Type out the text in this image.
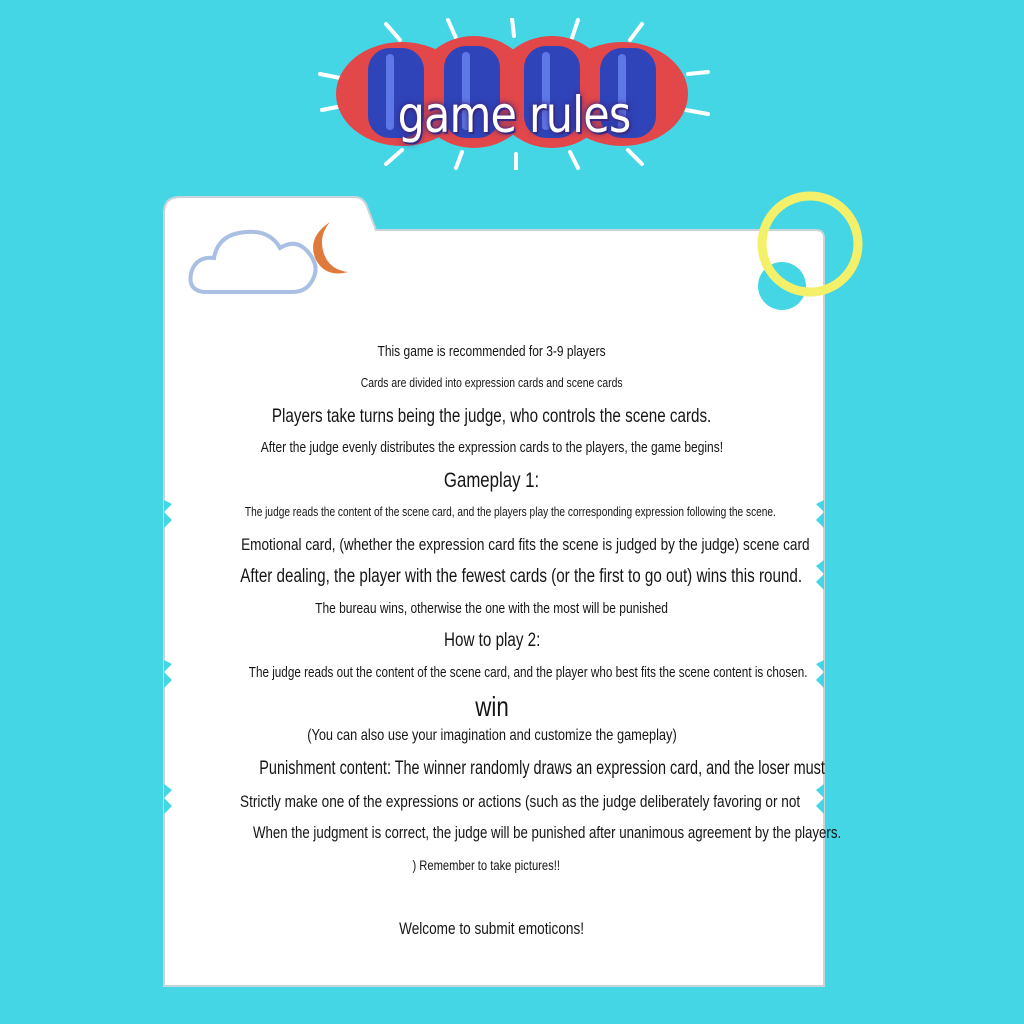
game rules
This game is recommended for 3-9 players
Cards are divided into expression cards and scene cards
Players take turns being the judge, who controls the scene cards.
After the judge evenly distributes the expression cards to the players, the game begins!
Gameplay 1:
The judge reads the content of the scene card, and the players play the corresponding expression following the scene.
Emotional card, (whether the expression card fits the scene is judged by the judge) scene card
After dealing, the player with the fewest cards (or the first to go out) wins this round.
The bureau wins, otherwise the one with the most will be punished
How to play 2:
The judge reads out the content of the scene card, and the player who best fits the scene content is chosen.
win
(You can also use your imagination and customize the gameplay)
Punishment content: The winner randomly draws an expression card, and the loser must
Strictly make one of the expressions or actions (such as the judge deliberately favoring or not
When the judgment is correct, the judge will be punished after unanimous agreement by the players.
) Remember to take pictures!!
Welcome to submit emoticons!
